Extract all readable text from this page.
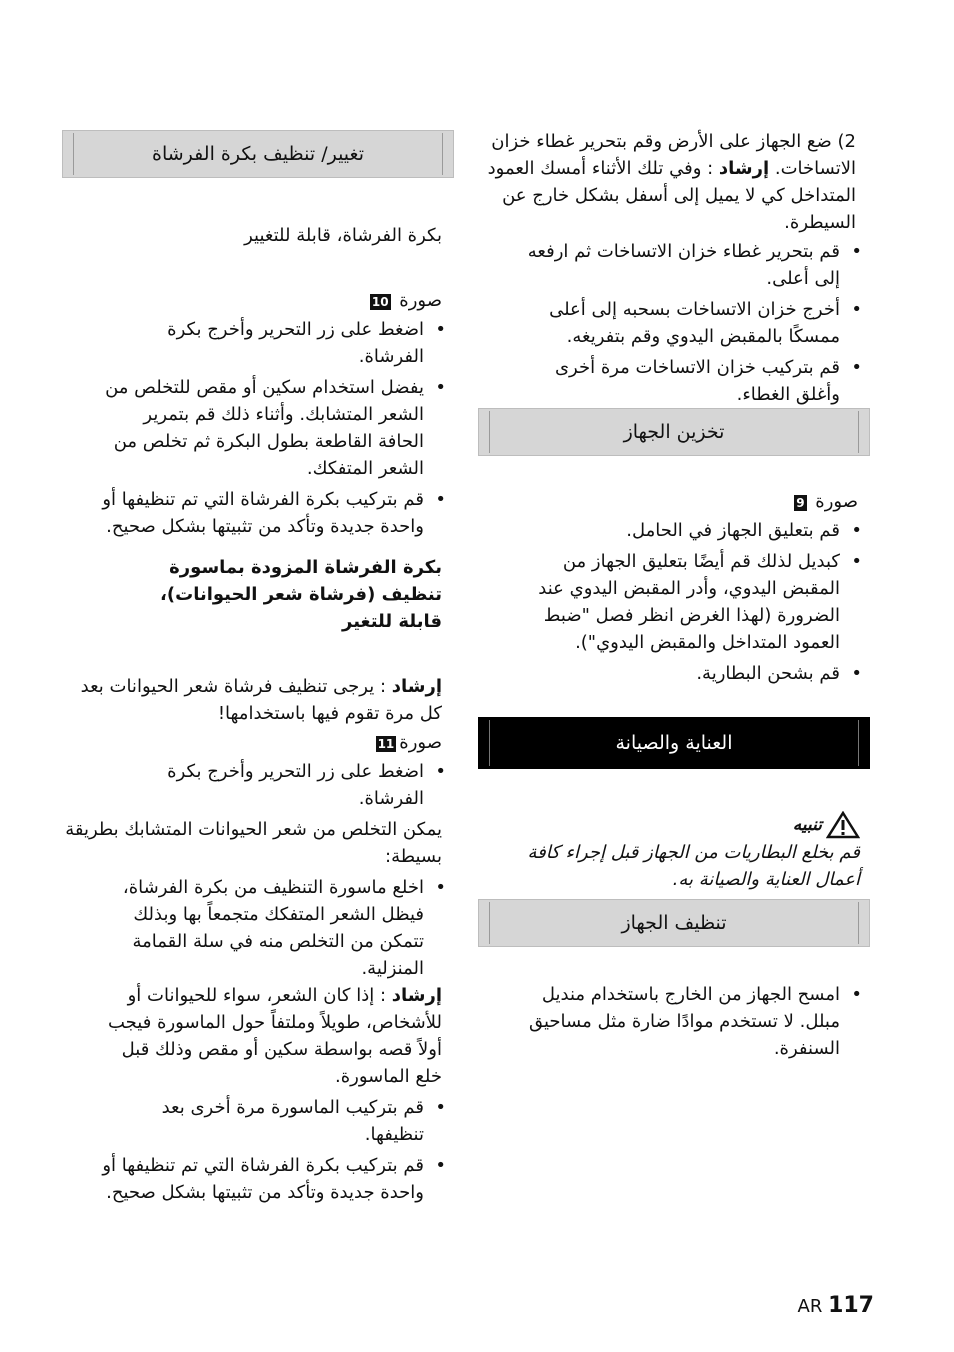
2) ضع الجهاز على الأرض وقم بتحرير غطاء خزان الاتساخات. إرشاد : وفي تلك الأثناء أمسك العمود المتداخل كي لا يميل إلى أسفل بشكل خارج عن السيطرة.

• قم بتحرير غطاء خزان الاتساخات ثم ارفعه إلى أعلى.
• أخرج خزان الاتساخات بسحبه إلى أعلى ممسكًا بالمقبض اليدوي وقم بتفريغه.
• قم بتركيب خزان الاتساخات مرة أخرى وأغلق الغطاء.
تخزين الجهاز

صورة 9

• قم بتعليق الجهاز في الحامل.
• كبديل لذلك قم أيضًا بتعليق الجهاز من المقبض اليدوي، وأدر المقبض اليدوي عند الضرورة (لهذا الغرض انظر فصل "ضبط العمود المتداخل والمقبض اليدوي").
• قم بشحن البطارية.
العناية والصيانة
تنبيه

قم بخلع البطاريات من الجهاز قبل إجراء كافة أعمال العناية والصيانة به.

تنظيف الجهاز
• امسح الجهاز من الخارج باستخدام منديل مبلل. لا تستخدم موادًا ضارة مثل مساحيق السنفرة.
تغيير/ تنظيف بكرة الفرشاة

بكرة الفرشاة، قابلة للتغيير

صورة 10

• اضغط على زر التحرير وأخرج بكرة الفرشاة.
• يفضل استخدام سكين أو مقص للتخلص من الشعر المتشابك. وأثناء ذلك قم بتمرير الحافة القاطعة بطول البكرة ثم تخلص من الشعر المتفكك.
• قم بتركيب بكرة الفرشاة التي تم تنظيفها أو واحدة جديدة وتأكد من تثبيتها بشكل صحيح.

بكرة الفرشاة المزودة بماسورة تنظيف (فرشاة شعر الحيوانات)، قابلة للتغير

إرشاد : يرجى تنظيف فرشاة شعر الحيوانات بعد كل مرة تقوم فيها باستخدامها!

صورة11

• اضغط على زر التحرير وأخرج بكرة الفرشاة.

يمكن التخلص من شعر الحيوانات المتشابك بطريقة بسيطة:

• اخلع ماسورة التنظيف من بكرة الفرشاة، فيظل الشعر المتفكك متجمعاً بها وبذلك تتمكن من التخلص منه في سلة القمامة المنزلية.

إرشاد : إذا كان الشعر، سواء للحيوانات أو للأشخاص، طويلاً وملتفاً حول الماسورة فيجب أولاً قصه بواسطة سكين أو مقص وذلك قبل خلع الماسورة.

• قم بتركيب الماسورة مرة أخرى بعد تنظيفها.
• قم بتركيب بكرة الفرشاة التي تم تنظيفها أو واحدة جديدة وتأكد من تثبيتها بشكل صحيح.
AR 117
